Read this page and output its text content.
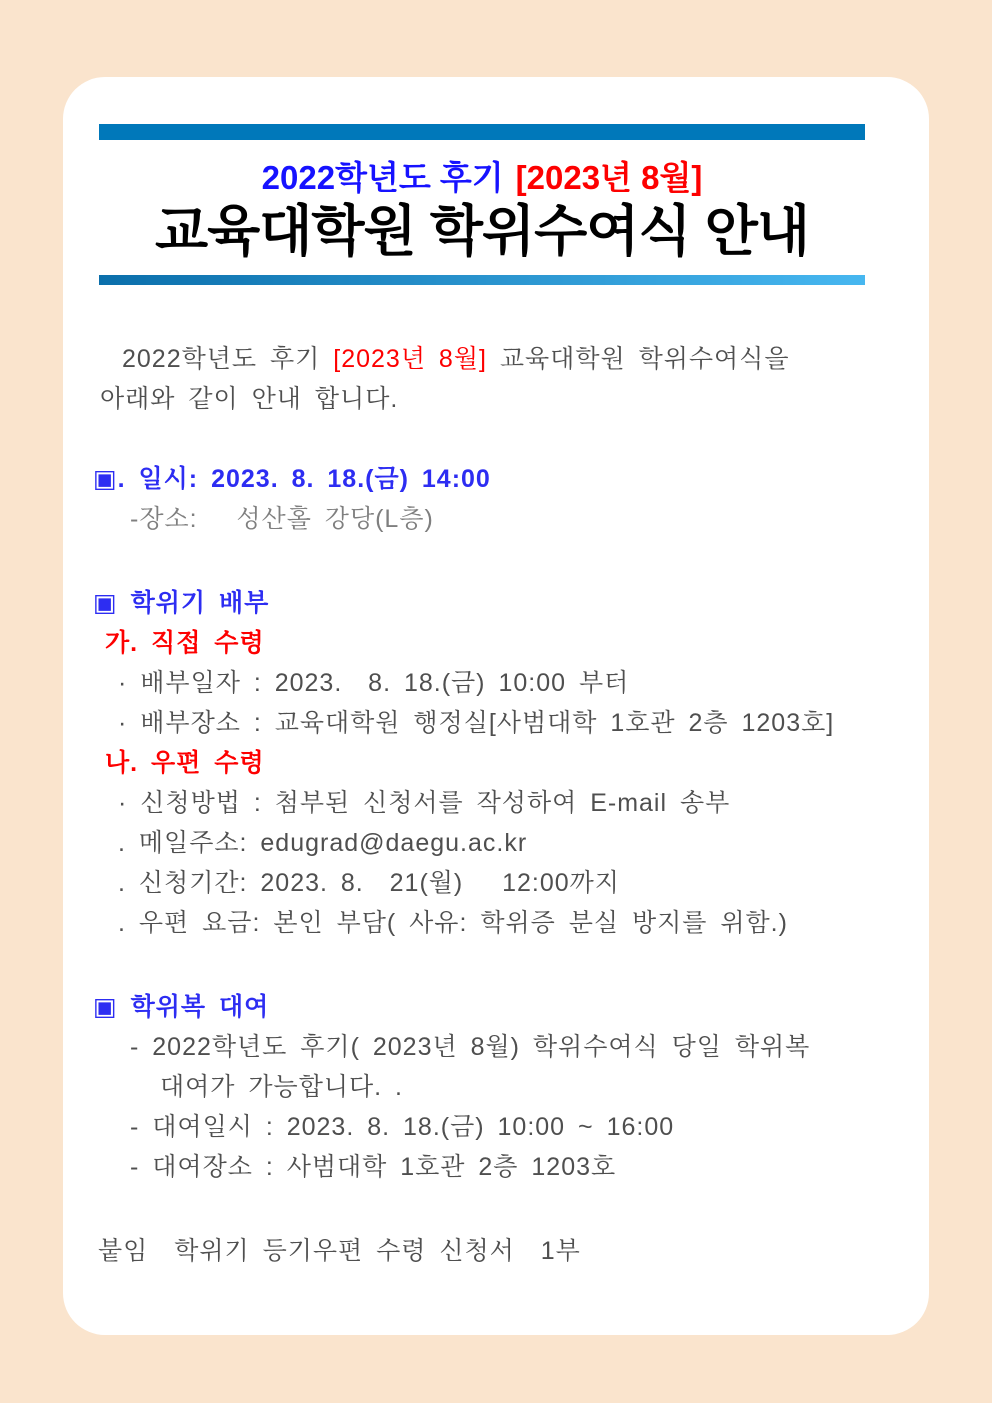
2022학년도 후기 [2023년 8월]
교육대학원 학위수여식 안내
2022학년도 후기 [2023년 8월] 교육대학원 학위수여식을
아래와 같이 안내 합니다.
▣. 일시: 2023. 8. 18.(금) 14:00
-장소:   성산홀 강당(L층)
▣ 학위기 배부
가. 직접 수령
· 배부일자 : 2023.  8. 18.(금) 10:00 부터
· 배부장소 : 교육대학원 행정실[사범대학 1호관 2층 1203호]
나. 우편 수령
· 신청방법 : 첨부된 신청서를 작성하여 E-mail 송부
. 메일주소: edugrad@daegu.ac.kr
. 신청기간: 2023. 8.  21(월)   12:00까지
. 우편 요금: 본인 부담( 사유: 학위증 분실 방지를 위함.)
▣ 학위복 대여
- 2022학년도 후기( 2023년 8월) 학위수여식 당일 학위복
대여가 가능합니다. .
- 대여일시 : 2023. 8. 18.(금) 10:00 ~ 16:00
- 대여장소 : 사범대학 1호관 2층 1203호
붙임  학위기 등기우편 수령 신청서  1부
